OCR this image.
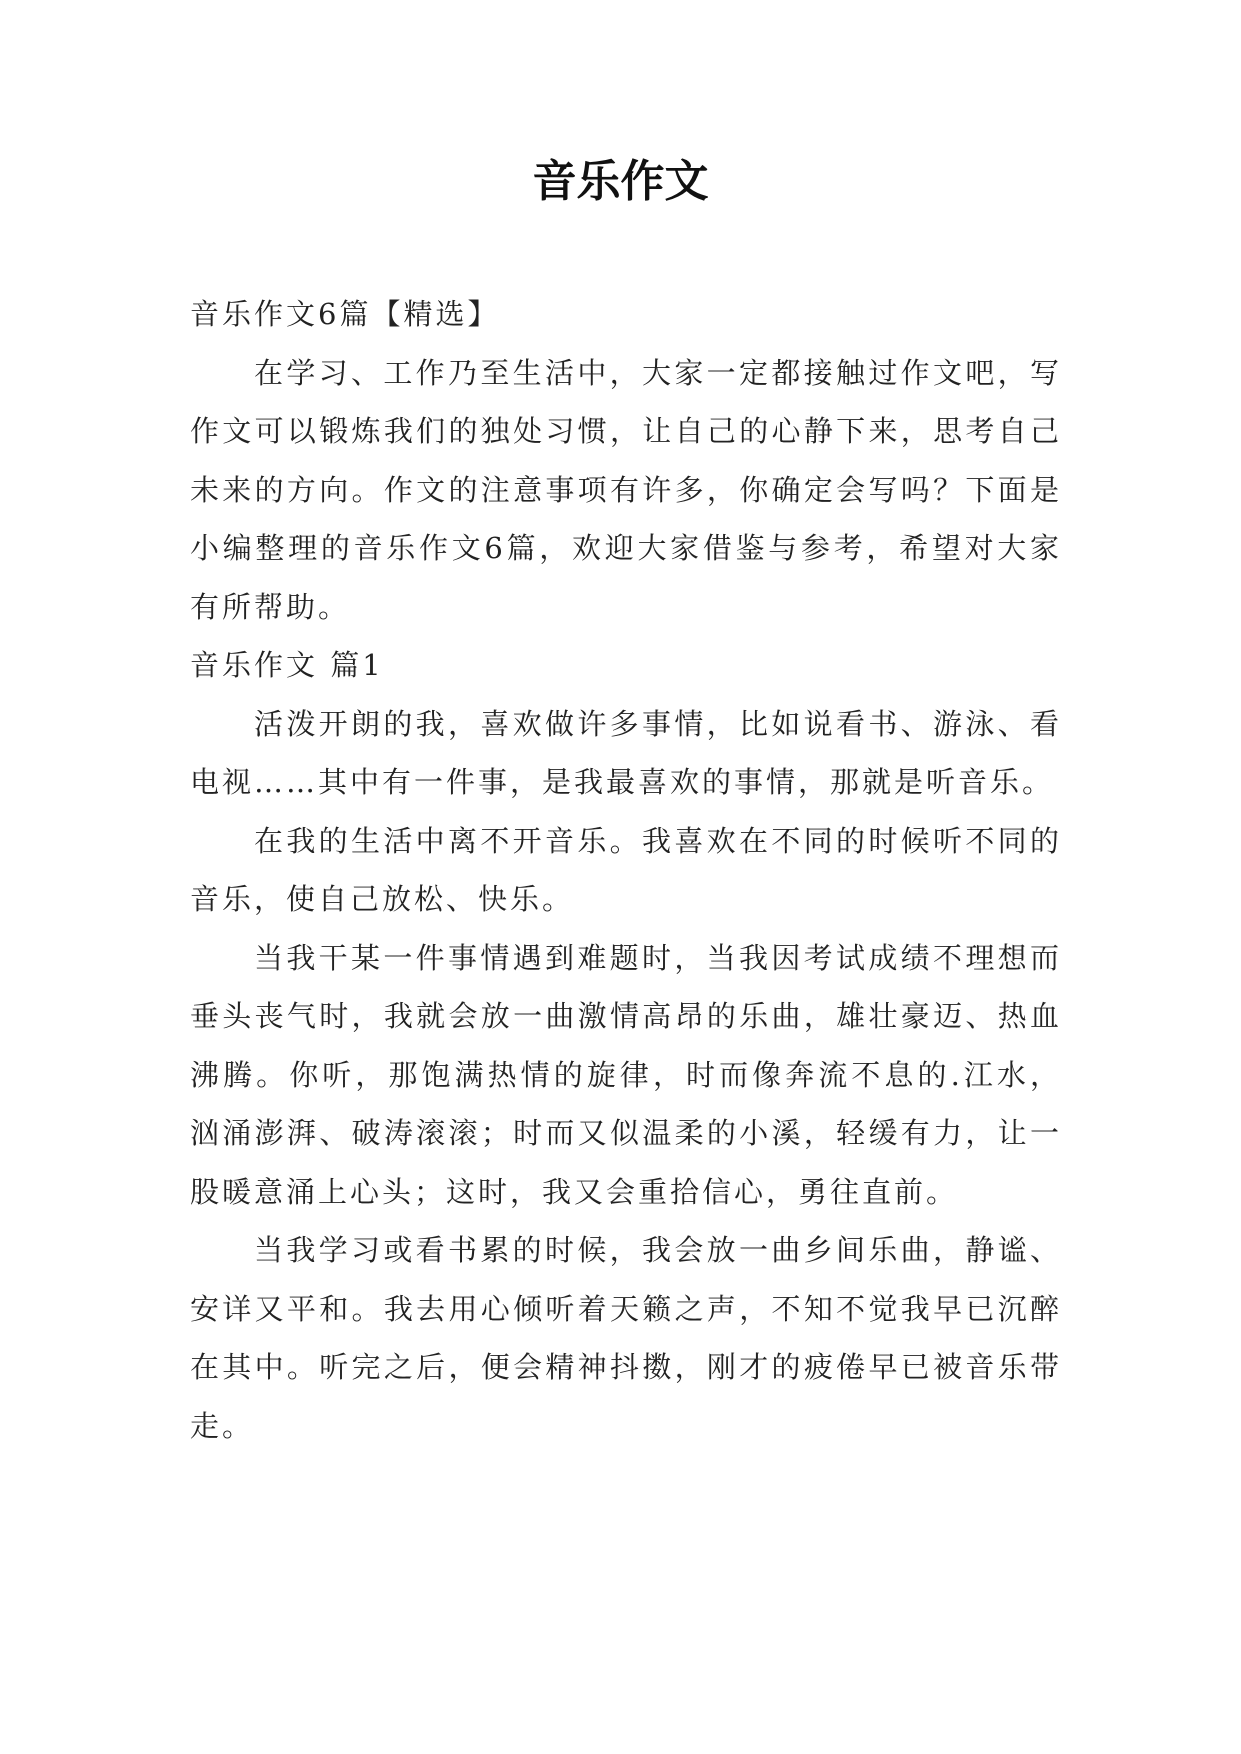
音乐作文

音乐作文6篇【精选】

在学习、工作乃至生活中，大家一定都接触过作文吧，写作文可以锻炼我们的独处习惯，让自己的心静下来，思考自己未来的方向。作文的注意事项有许多，你确定会写吗？下面是小编整理的音乐作文6篇，欢迎大家借鉴与参考，希望对大家有所帮助。

音乐作文 篇1

活泼开朗的我，喜欢做许多事情，比如说看书、游泳、看电视……其中有一件事，是我最喜欢的事情，那就是听音乐。

在我的生活中离不开音乐。我喜欢在不同的时候听不同的音乐，使自己放松、快乐。

当我干某一件事情遇到难题时，当我因考试成绩不理想而垂头丧气时，我就会放一曲激情高昂的乐曲，雄壮豪迈、热血沸腾。你听，那饱满热情的旋律，时而像奔流不息的.江水，汹涌澎湃、破涛滚滚；时而又似温柔的小溪，轻缓有力，让一股暖意涌上心头；这时，我又会重拾信心，勇往直前。

当我学习或看书累的时候，我会放一曲乡间乐曲，静谧、安详又平和。我去用心倾听着天籁之声，不知不觉我早已沉醉在其中。听完之后，便会精神抖擞，刚才的疲倦早已被音乐带走。
